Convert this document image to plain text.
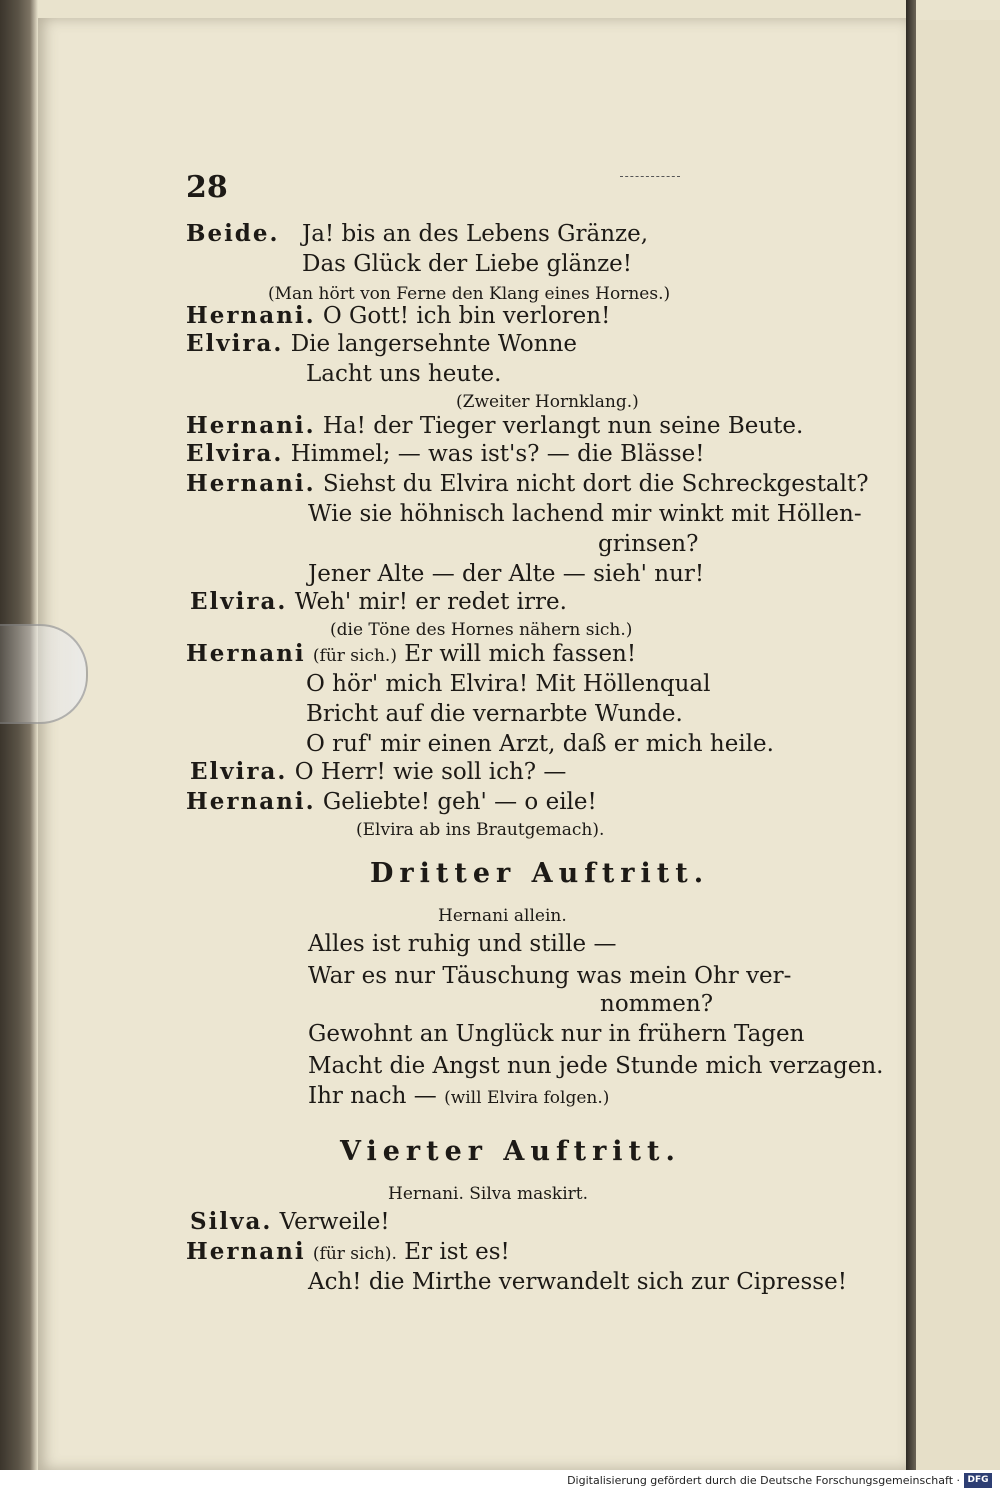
28
Beide. Ja! bis an des Lebens Gränze,
Das Glück der Liebe glänze!
(Man hört von Ferne den Klang eines Hornes.)
Hernani. O Gott! ich bin verloren!
Elvira. Die langersehnte Wonne
Lacht uns heute.
(Zweiter Hornklang.)
Hernani. Ha! der Tieger verlangt nun seine Beute.
Elvira. Himmel; — was ist's? — die Blässe!
Hernani. Siehst du Elvira nicht dort die Schreckgestalt?
Wie sie höhnisch lachend mir winkt mit Höllen-
grinsen?
Jener Alte — der Alte — sieh' nur!
Elvira. Weh' mir! er redet irre.
(die Töne des Hornes nähern sich.)
Hernani (für sich.) Er will mich fassen!
O hör' mich Elvira! Mit Höllenqual
Bricht auf die vernarbte Wunde.
O ruf' mir einen Arzt, daß er mich heile.
Elvira. O Herr! wie soll ich? —
Hernani. Geliebte! geh' — o eile!
(Elvira ab ins Brautgemach).
Dritter Auftritt.
Hernani allein.
Alles ist ruhig und stille —
War es nur Täuschung was mein Ohr ver-
nommen?
Gewohnt an Unglück nur in frühern Tagen
Macht die Angst nun jede Stunde mich verzagen.
Ihr nach — (will Elvira folgen.)
Vierter Auftritt.
Hernani. Silva maskirt.
Silva. Verweile!
Hernani (für sich). Er ist es!
Ach! die Mirthe verwandelt sich zur Cipresse!
Digitalisierung gefördert durch die Deutsche Forschungsgemeinschaft · DFG
